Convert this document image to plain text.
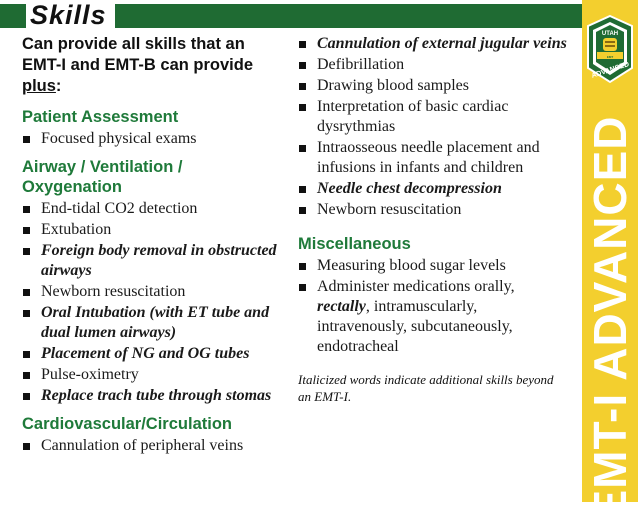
Skills
UTAH
EMT
ADVANCED
EMT-I ADVANCED

Can provide all skills that an EMT-I and EMT-B can provide plus:

Patient Assessment
Focused physical exams
Airway / Ventilation / Oxygenation
End-tidal CO2 detection
Extubation
Foreign body removal in obstructed airways
Newborn resuscitation
Oral Intubation (with ET tube and dual lumen airways)
Placement of NG and OG tubes
Pulse-oximetry
Replace trach tube through stomas
Cardiovascular/Circulation
Cannulation of peripheral veins
Cannulation of external jugular veins
Defibrillation
Drawing blood samples
Interpretation of basic cardiac dysrythmias
Intraosseous needle placement and infusions in infants and children
Needle chest decompression
Newborn resuscitation
Miscellaneous
Measuring blood sugar levels
Administer medications orally, rectally, intramuscularly, intravenously, subcutaneously, endotracheal
Italicized words indicate additional skills beyond an EMT-I.
